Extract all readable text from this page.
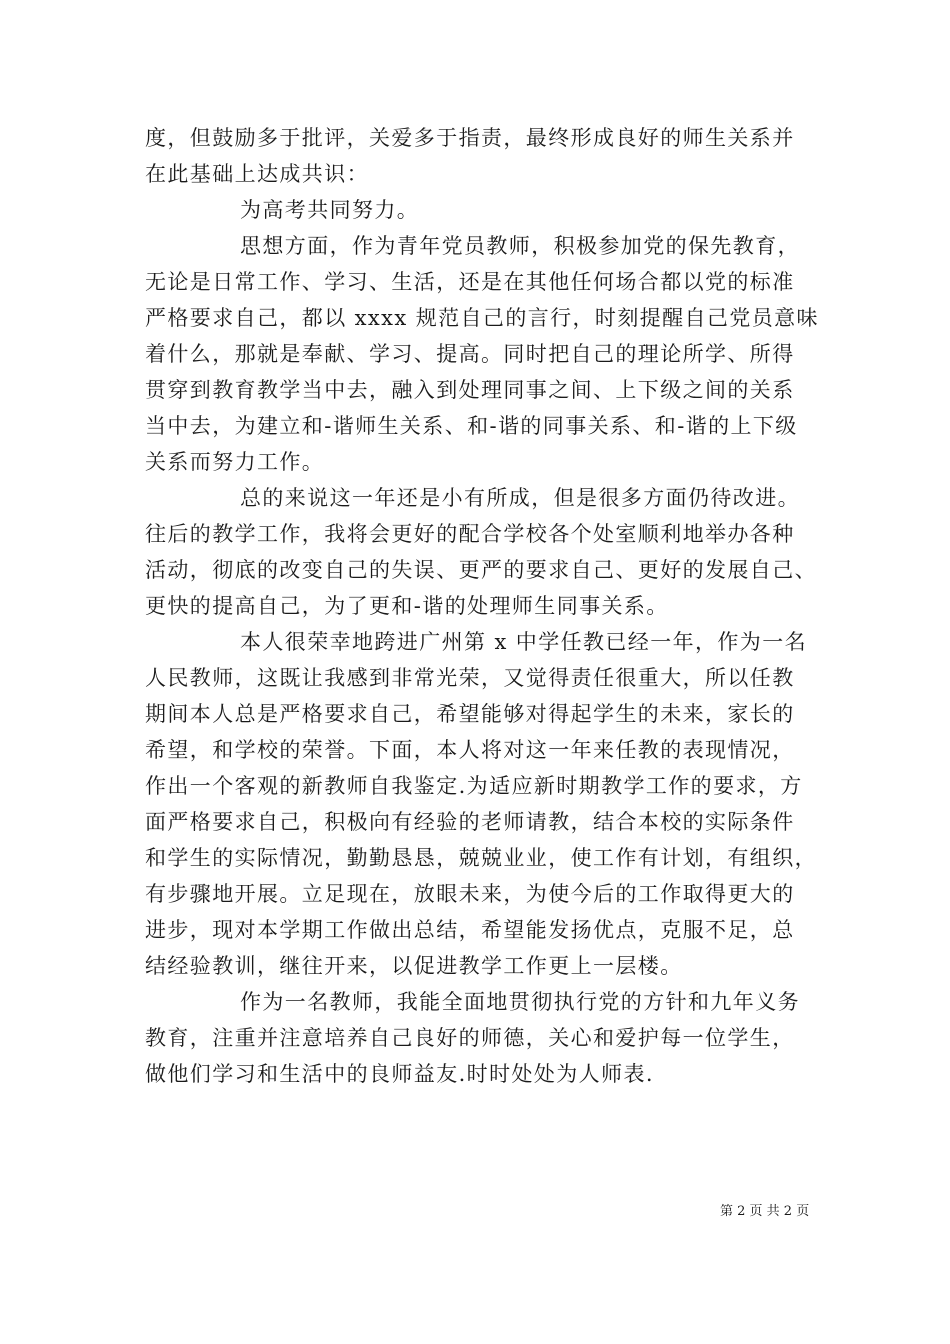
度，但鼓励多于批评，关爱多于指责，最终形成良好的师生关系并
在此基础上达成共识：
为高考共同努力。
思想方面，作为青年党员教师，积极参加党的保先教育，
无论是日常工作、学习、生活，还是在其他任何场合都以党的标准
严格要求自己，都以 xxxx 规范自己的言行，时刻提醒自己党员意味
着什么，那就是奉献、学习、提高。同时把自己的理论所学、所得
贯穿到教育教学当中去，融入到处理同事之间、上下级之间的关系
当中去，为建立和-谐师生关系、和-谐的同事关系、和-谐的上下级
关系而努力工作。
总的来说这一年还是小有所成，但是很多方面仍待改进。
往后的教学工作，我将会更好的配合学校各个处室顺利地举办各种
活动，彻底的改变自己的失误、更严的要求自己、更好的发展自己、
更快的提高自己，为了更和-谐的处理师生同事关系。
本人很荣幸地跨进广州第 x 中学任教已经一年，作为一名
人民教师，这既让我感到非常光荣，又觉得责任很重大，所以任教
期间本人总是严格要求自己，希望能够对得起学生的未来，家长的
希望，和学校的荣誉。下面，本人将对这一年来任教的表现情况，
作出一个客观的新教师自我鉴定.为适应新时期教学工作的要求，方
面严格要求自己，积极向有经验的老师请教，结合本校的实际条件
和学生的实际情况，勤勤恳恳，兢兢业业，使工作有计划，有组织，
有步骤地开展。立足现在，放眼未来，为使今后的工作取得更大的
进步，现对本学期工作做出总结，希望能发扬优点，克服不足，总
结经验教训，继往开来，以促进教学工作更上一层楼。
作为一名教师，我能全面地贯彻执行党的方针和九年义务
教育，注重并注意培养自己良好的师德，关心和爱护每一位学生，
做他们学习和生活中的良师益友.时时处处为人师表.
第 2 页 共 2 页
